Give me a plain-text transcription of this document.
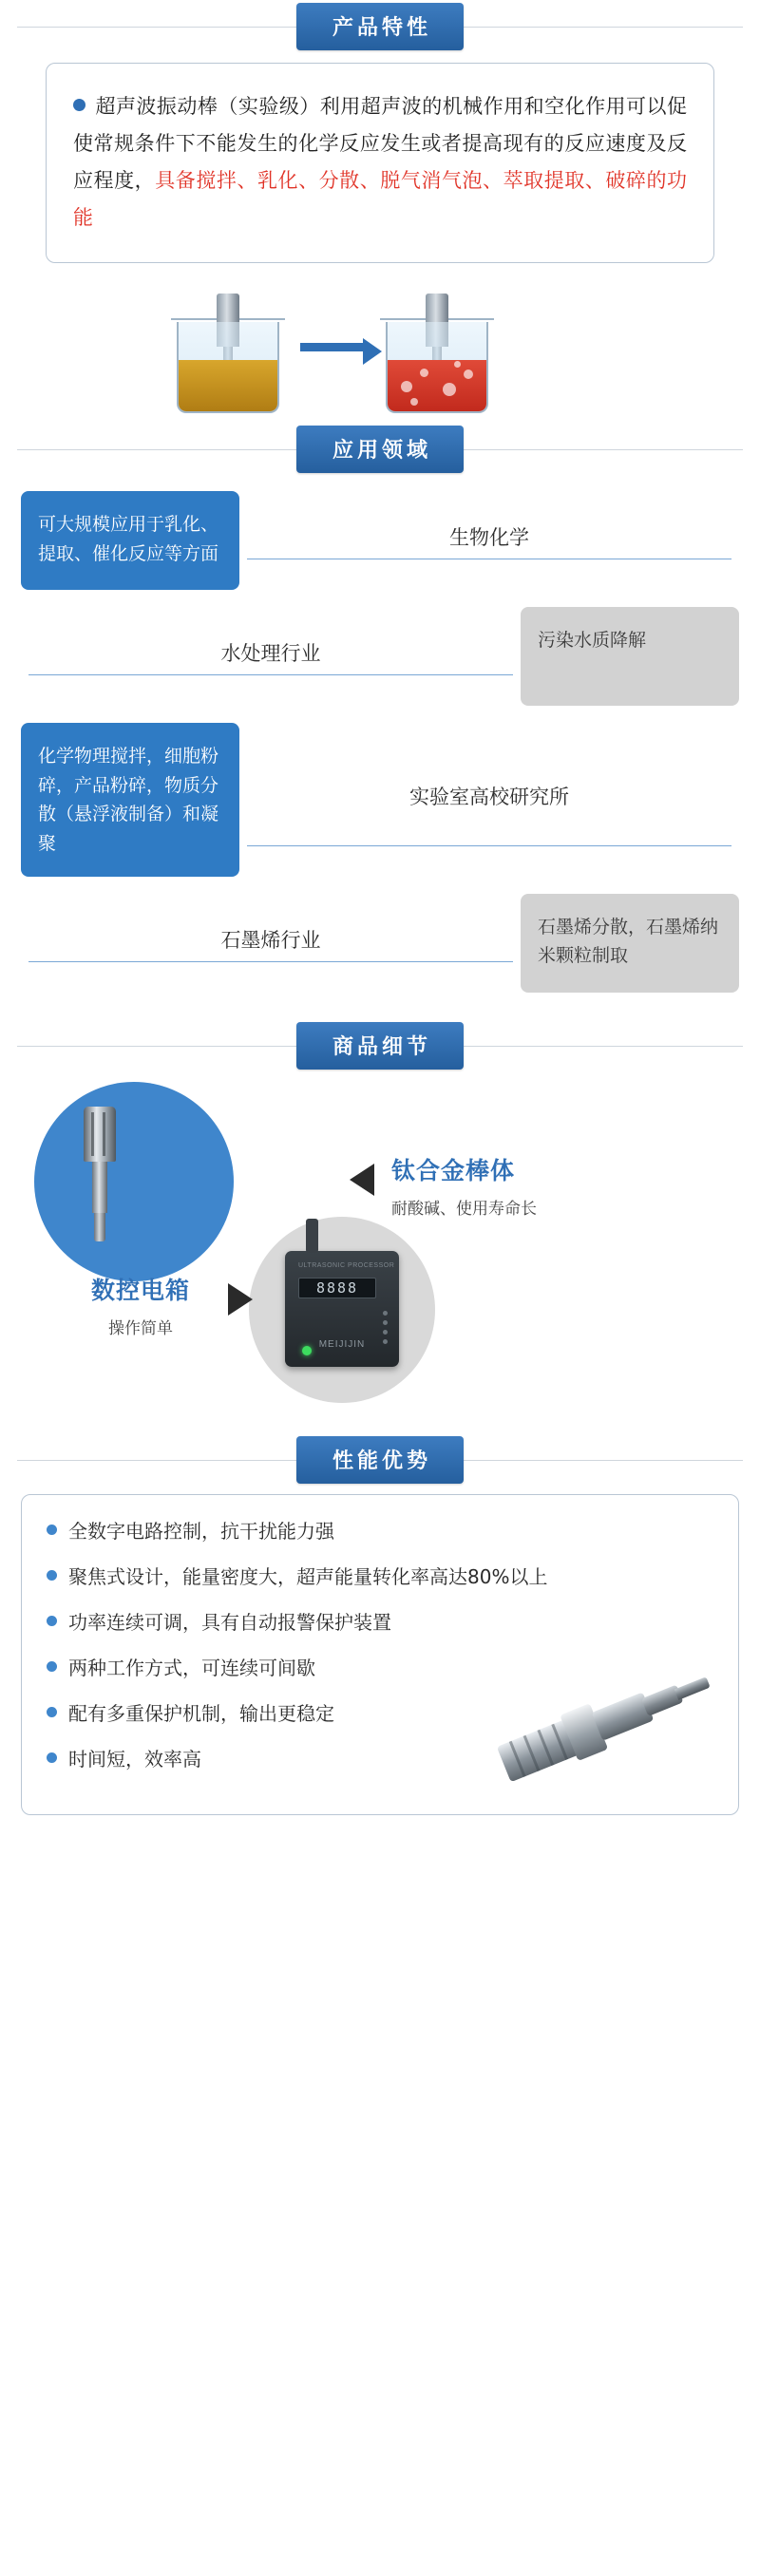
产品特性
超声波振动棒（实验级）利用超声波的机械作用和空化作用可以促使常规条件下不能发生的化学反应发生或者提高现有的反应速度及反应程度，具备搅拌、乳化、分散、脱气消气泡、萃取提取、破碎的功能
应用领域
可大规模应用于乳化、提取、催化反应等方面
生物化学
水处理行业
污染水质降解
化学物理搅拌，细胞粉碎，产品粉碎，物质分散（悬浮液制备）和凝聚
实验室高校研究所
石墨烯行业
石墨烯分散，石墨烯纳米颗粒制取
商品细节
钛合金棒体
耐酸碱、使用寿命长
ULTRASONIC PROCESSOR
8888
MEIJIJIN
数控电箱
操作简单
性能优势
全数字电路控制，抗干扰能力强
聚焦式设计，能量密度大，超声能量转化率高达80%以上
功率连续可调，具有自动报警保护装置
两种工作方式，可连续可间歇
配有多重保护机制，输出更稳定
时间短，效率高
